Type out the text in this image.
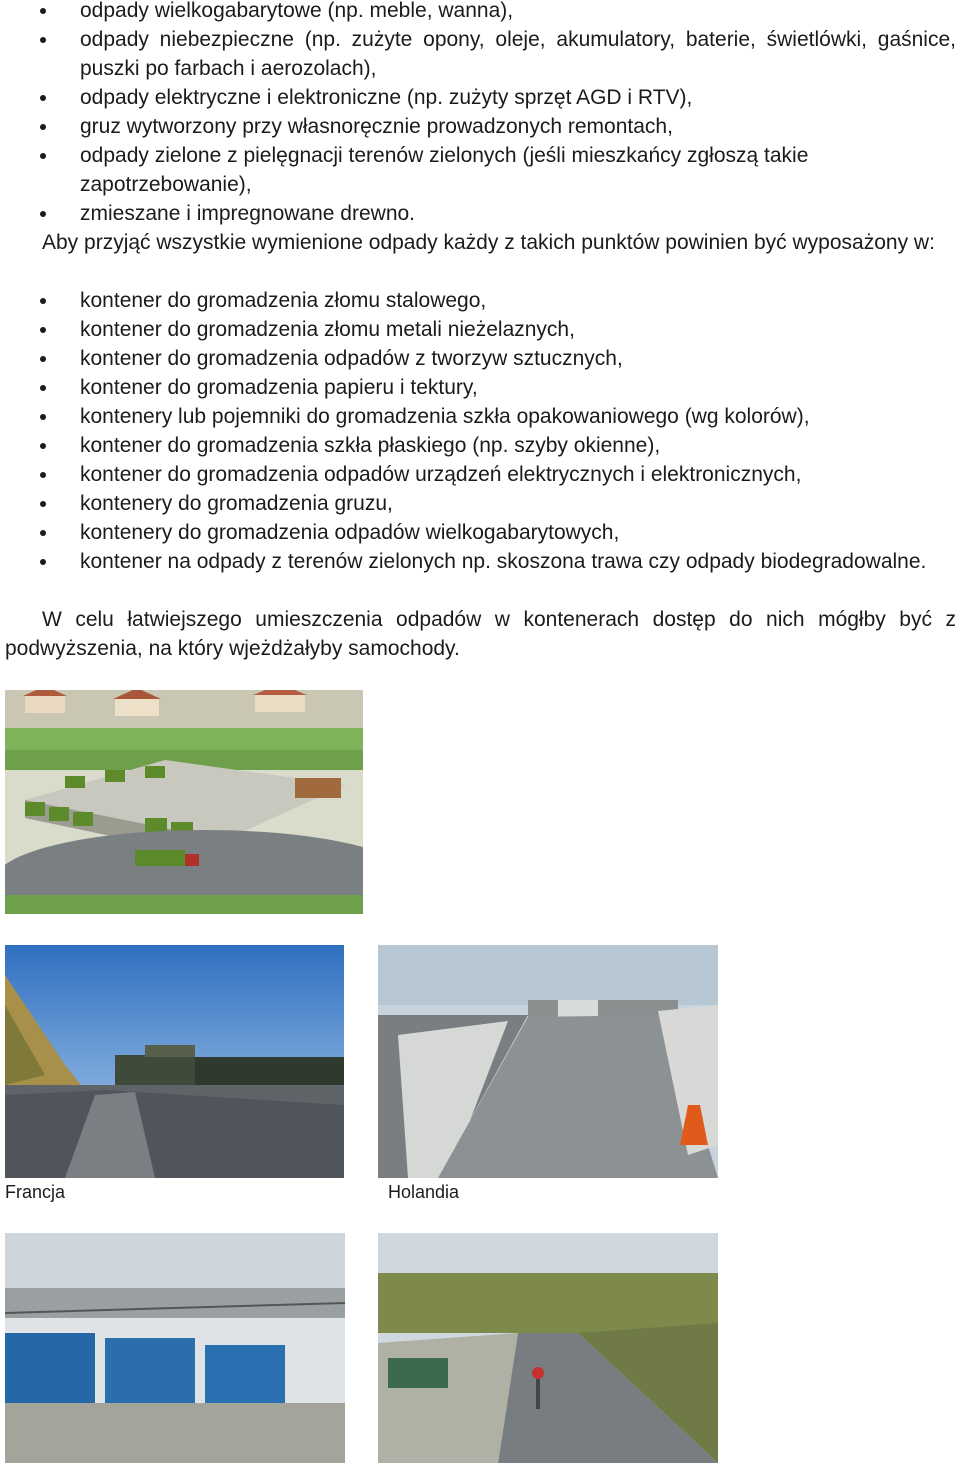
odpady wielkogabarytowe (np. meble, wanna),
odpady niebezpieczne (np. zużyte opony, oleje, akumulatory, baterie, świetlówki, gaśnice, puszki po farbach i aerozolach),
odpady elektryczne i elektroniczne (np. zużyty sprzęt AGD i RTV),
gruz wytworzony przy własnoręcznie prowadzonych remontach,
odpady zielone z pielęgnacji terenów zielonych (jeśli mieszkańcy zgłoszą takie zapotrzebowanie),
zmieszane i impregnowane drewno.

Aby przyjąć wszystkie wymienione odpady każdy z takich punktów powinien być wyposażony w:

kontener do gromadzenia złomu stalowego,
kontener do gromadzenia złomu metali nieżelaznych,
kontener do gromadzenia odpadów z tworzyw sztucznych,
kontener do gromadzenia papieru i tektury,
kontenery lub pojemniki do gromadzenia szkła opakowaniowego (wg kolorów),
kontener do gromadzenia szkła płaskiego (np. szyby okienne),
kontener do gromadzenia odpadów urządzeń elektrycznych i elektronicznych,
kontenery do gromadzenia gruzu,
kontenery do gromadzenia odpadów wielkogabarytowych,
kontener na odpady z terenów zielonych np. skoszona trawa czy odpady biodegradowalne.

W celu łatwiejszego umieszczenia odpadów w kontenerach dostęp do nich mógłby być z podwyższenia, na który wjeżdżałyby samochody.

Francja	Holandia
